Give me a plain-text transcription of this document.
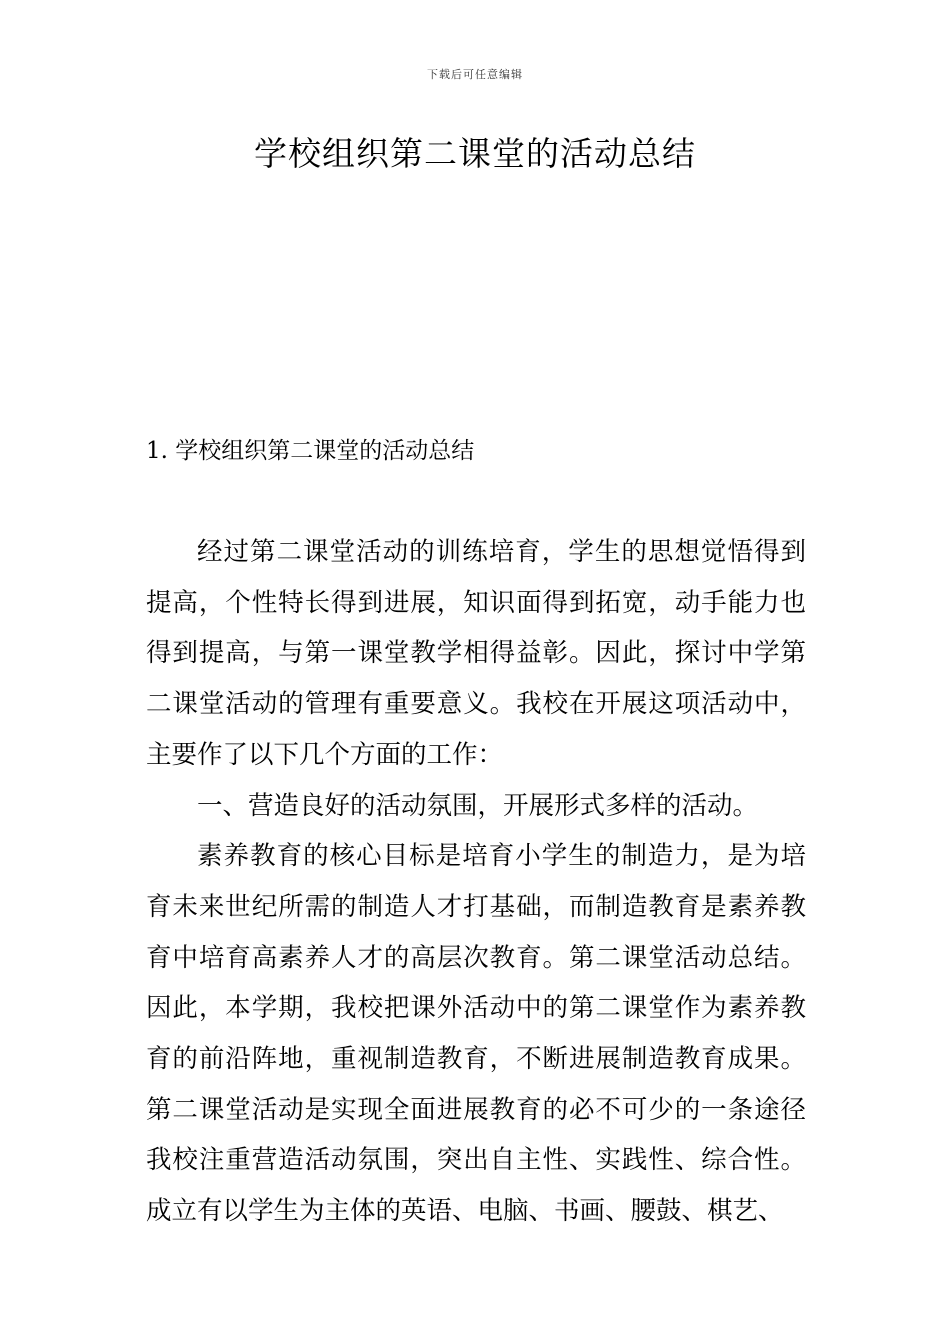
下载后可任意编辑
学校组织第二课堂的活动总结
1. 学校组织第二课堂的活动总结

经过第二课堂活动的训练培育，学生的思想觉悟得到提高，个性特长得到进展，知识面得到拓宽，动手能力也得到提高，与第一课堂教学相得益彰。因此，探讨中学第二课堂活动的管理有重要意义。我校在开展这项活动中，主要作了以下几个方面的工作：

一、营造良好的活动氛围，开展形式多样的活动。

素养教育的核心目标是培育小学生的制造力，是为培育未来世纪所需的制造人才打基础，而制造教育是素养教育中培育高素养人才的高层次教育。第二课堂活动总结。因此，本学期，我校把课外活动中的第二课堂作为素养教育的前沿阵地，重视制造教育，不断进展制造教育成果。第二课堂活动是实现全面进展教育的必不可少的一条途径我校注重营造活动氛围，突出自主性、实践性、综合性。成立有以学生为主体的英语、电脑、书画、腰鼓、棋艺、
